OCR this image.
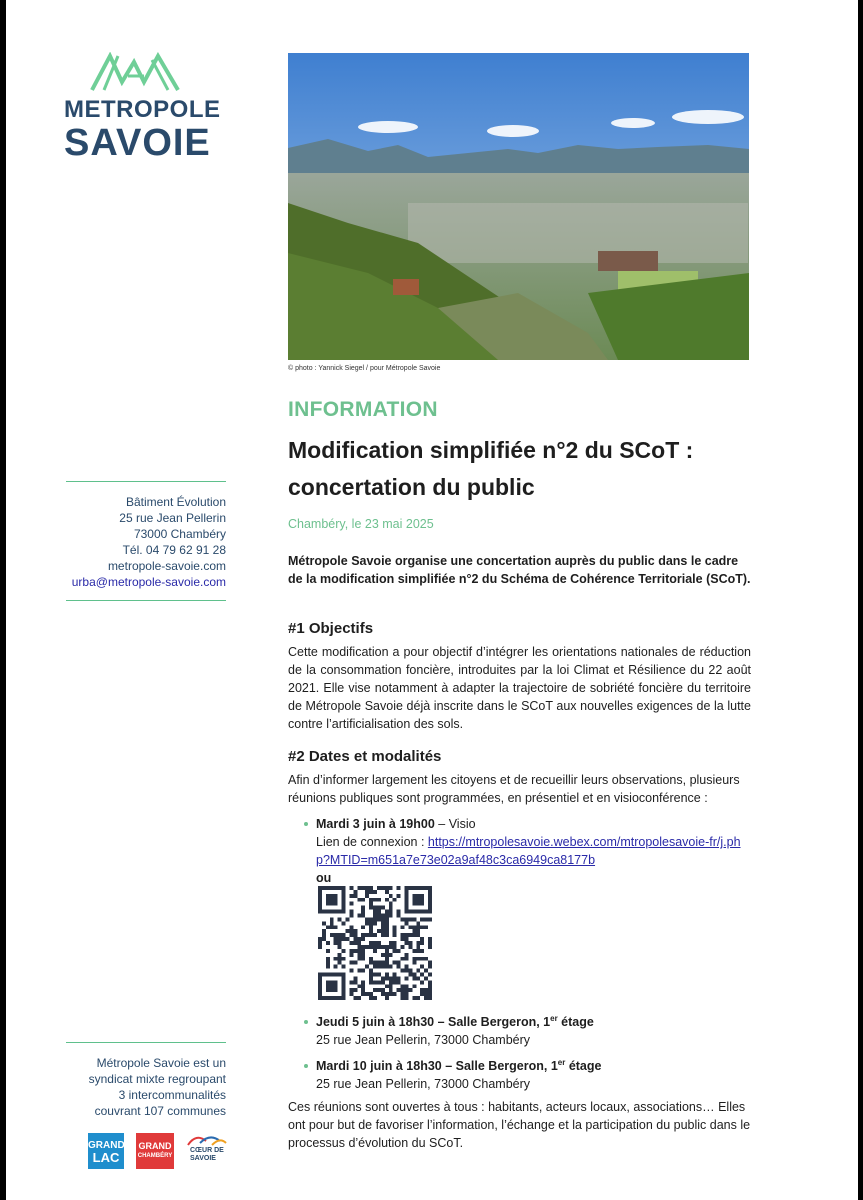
METROPOLE
SAVOIE
Bâtiment Évolution
25 rue Jean Pellerin
73000 Chambéry
Tél. 04 79 62 91 28
metropole-savoie.com
urba@metropole-savoie.com
Métropole Savoie est un
syndicat mixte regroupant
3 intercommunalités
couvrant 107 communes
GRAND
LAC
GRAND
CHAMBÉRY
CŒUR DE
SAVOIE
© photo : Yannick Siegel / pour Métropole Savoie
INFORMATION
Modification simplifiée n°2 du SCoT :
concertation du public
Chambéry, le 23 mai 2025
Métropole Savoie organise une concertation auprès du public dans le cadre de la modification simplifiée n°2 du Schéma de Cohérence Territoriale (SCoT).
#1 Objectifs
Cette modification a pour objectif d’intégrer les orientations nationales de réduction de la consommation foncière, introduites par la loi Climat et Résilience du 22 août 2021. Elle vise notamment à adapter la trajectoire de sobriété foncière du territoire de Métropole Savoie déjà inscrite dans le SCoT aux nouvelles exigences de la lutte contre l’artificialisation des sols.
#2 Dates et modalités
Afin d’informer largement les citoyens et de recueillir leurs observations, plusieurs réunions publiques sont programmées, en présentiel et en visioconférence :
Mardi 3 juin à 19h00 – Visio
Lien de connexion : https://mtropolesavoie.webex.com/mtropolesavoie-fr/j.php?MTID=m651a7e73e02a9af48c3ca6949ca8177b
ou
Jeudi 5 juin à 18h30 – Salle Bergeron, 1er étage
25 rue Jean Pellerin, 73000 Chambéry
Mardi 10 juin à 18h30 – Salle Bergeron, 1er étage
25 rue Jean Pellerin, 73000 Chambéry
Ces réunions sont ouvertes à tous : habitants, acteurs locaux, associations… Elles ont pour but de favoriser l’information, l’échange et la participation du public dans le processus d’évolution du SCoT.
